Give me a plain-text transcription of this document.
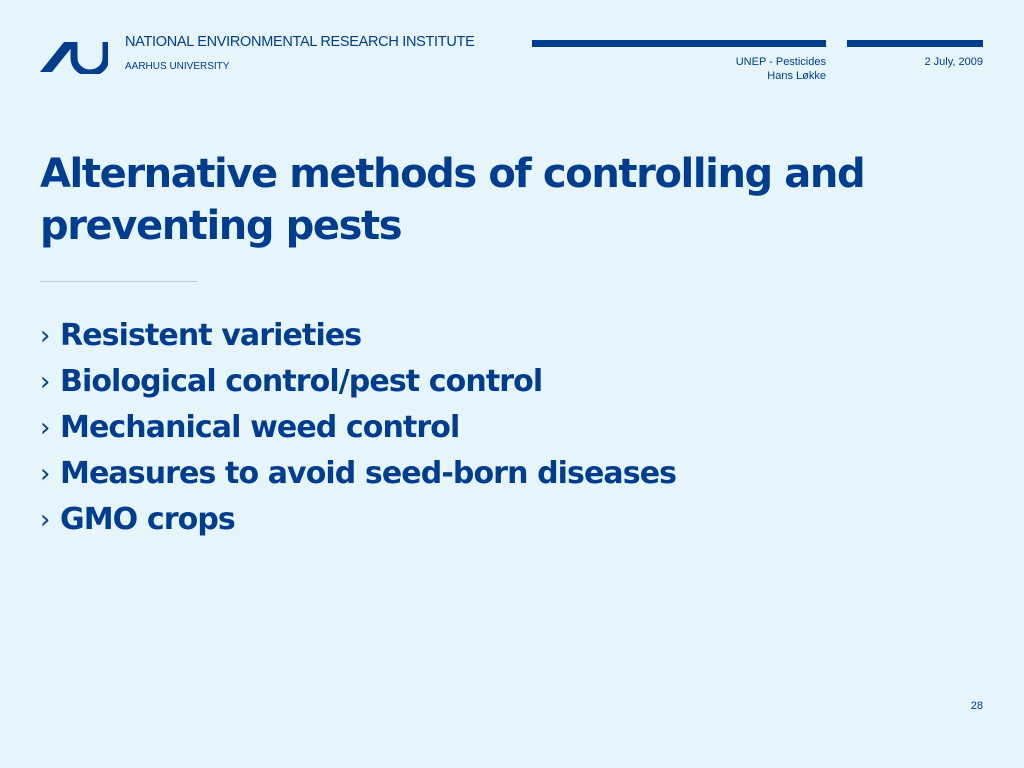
NATIONAL ENVIRONMENTAL RESEARCH INSTITUTE
AARHUS UNIVERSITY	UNEP - Pesticides
Hans Løkke
2 July, 2009
Alternative methods of controlling and preventing pests
› Resistent varieties
› Biological control/pest control
› Mechanical weed control
› Measures to avoid seed-born diseases
› GMO crops
28
